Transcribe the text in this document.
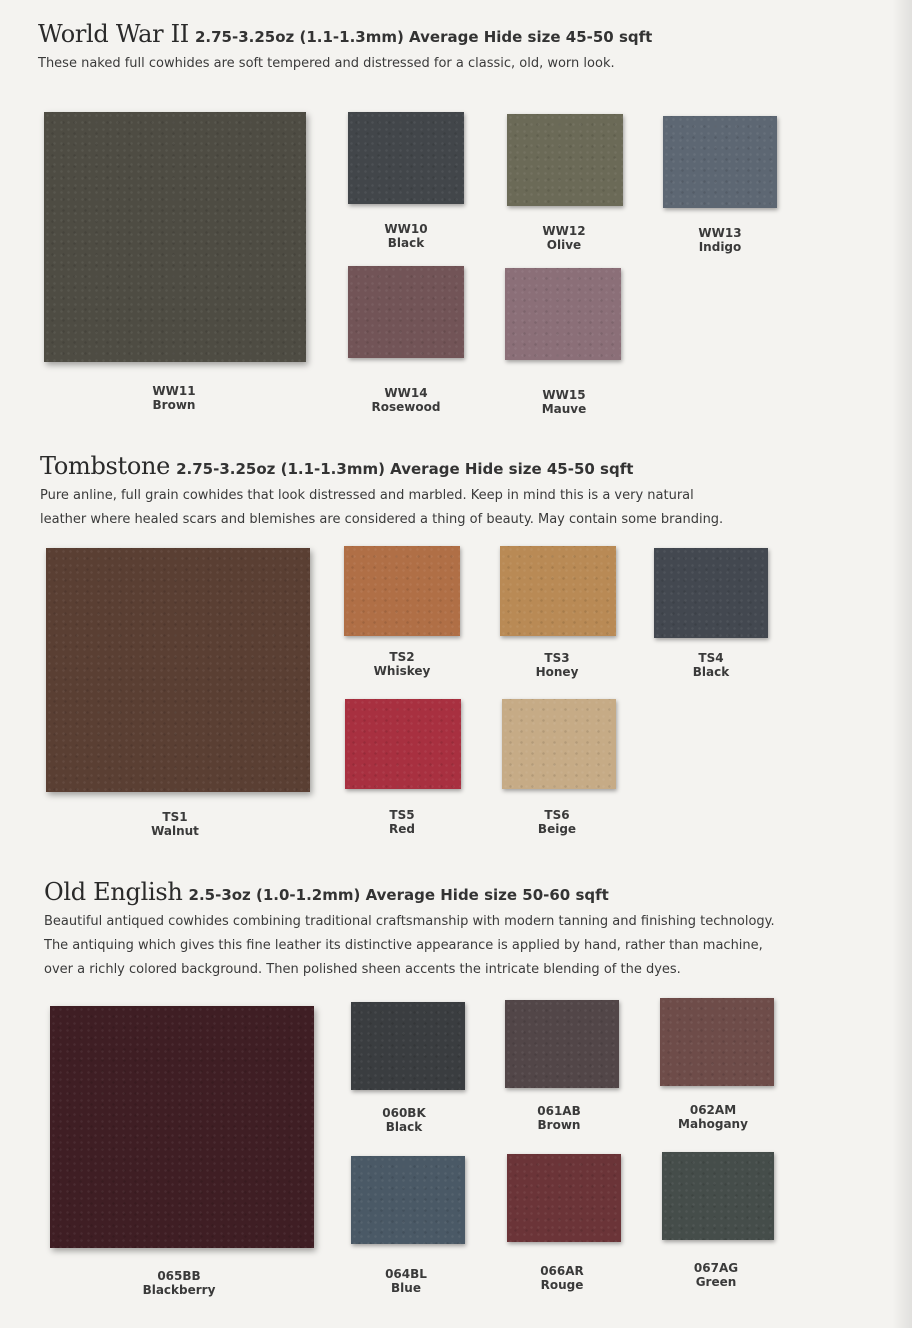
World War II 2.75-3.25oz (1.1-1.3mm) Average Hide size 45-50 sqft
These naked full cowhides are soft tempered and distressed for a classic, old, worn look.
WW11
Brown
WW10
Black
WW12
Olive
WW13
Indigo
WW14
Rosewood
WW15
Mauve
Tombstone 2.75-3.25oz (1.1-1.3mm) Average Hide size 45-50 sqft
Pure anline, full grain cowhides that look distressed and marbled. Keep in mind this is a very natural
leather where healed scars and blemishes are considered a thing of beauty. May contain some branding.
TS1
Walnut
TS2
Whiskey
TS3
Honey
TS4
Black
TS5
Red
TS6
Beige
Old English 2.5-3oz (1.0-1.2mm) Average Hide size 50-60 sqft
Beautiful antiqued cowhides combining traditional craftsmanship with modern tanning and finishing technology.
The antiquing which gives this fine leather its distinctive appearance is applied by hand, rather than machine,
over a richly colored background. Then polished sheen accents the intricate blending of the dyes.
065BB
Blackberry
060BK
Black
061AB
Brown
062AM
Mahogany
064BL
Blue
066AR
Rouge
067AG
Green
